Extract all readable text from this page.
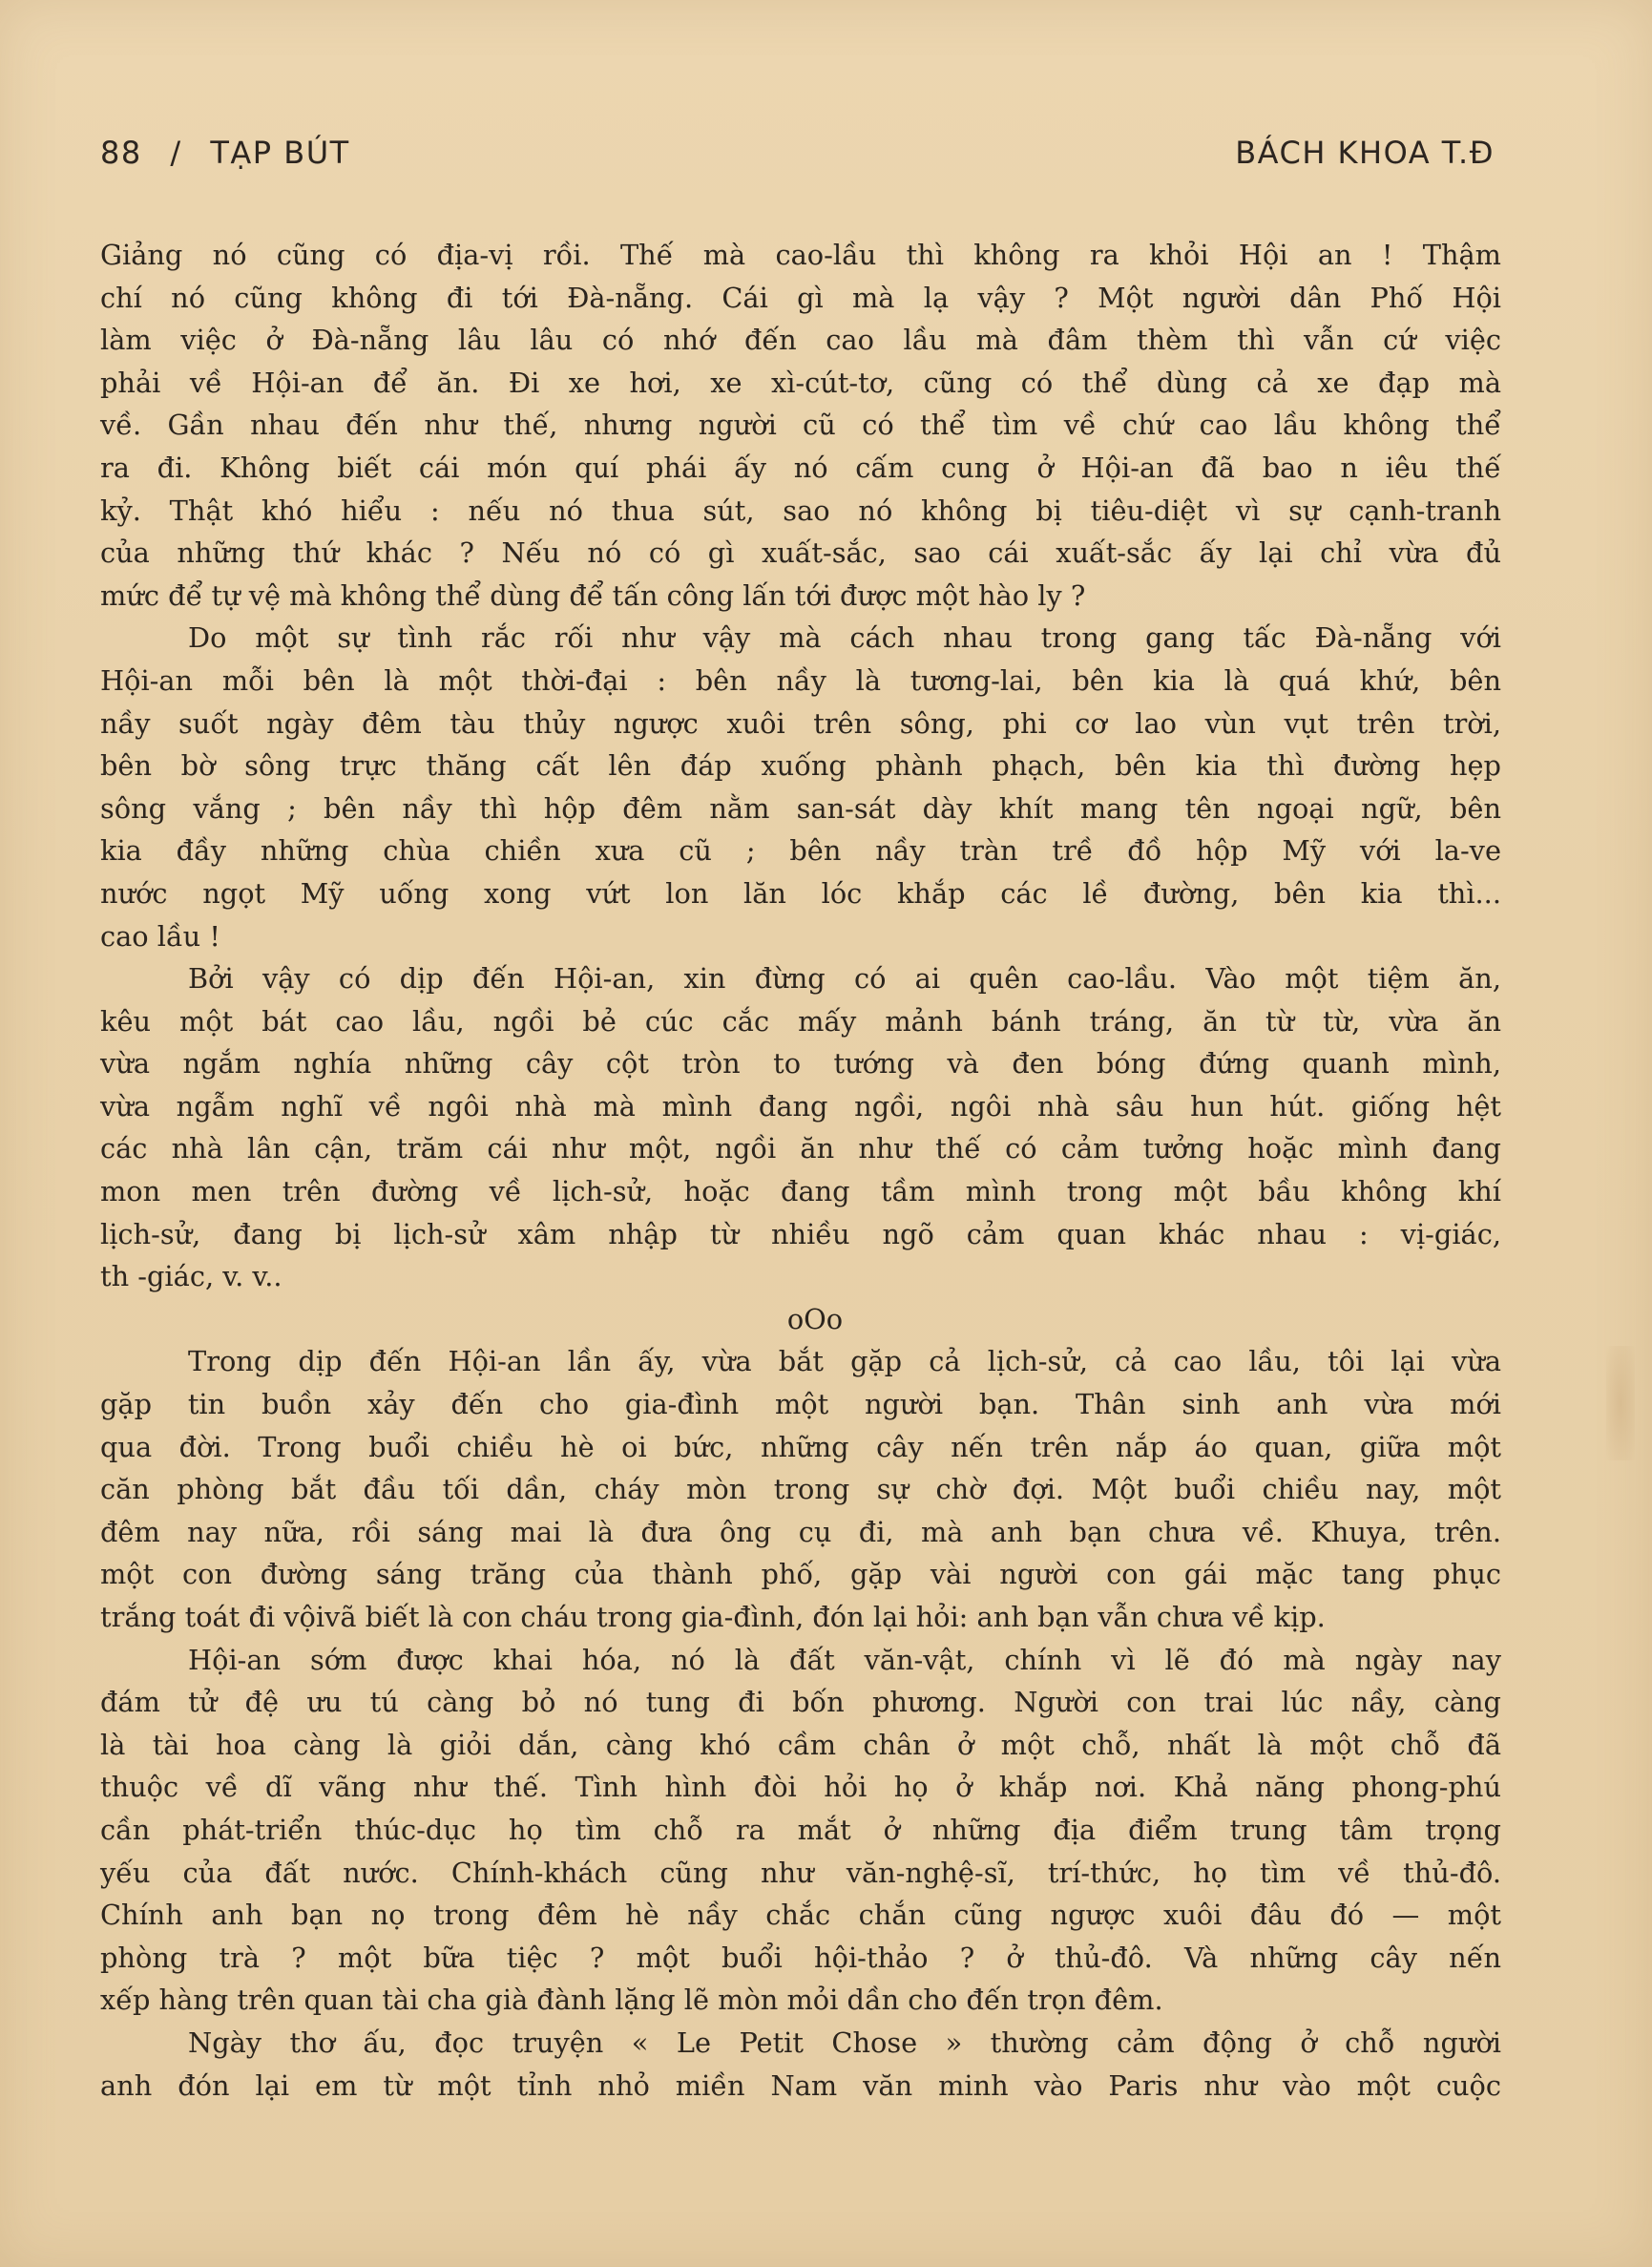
88 / TẠP BÚT	BÁCH KHOA T.Đ
Giảng nó cũng có địa-vị rồi. Thế mà cao-lầu thì không ra khỏi Hội an ! Thậm
chí nó cũng không đi tới Đà-nẵng. Cái gì mà lạ vậy ? Một người dân Phố Hội
làm việc ở Đà-nẵng lâu lâu có nhớ đến cao lầu mà đâm thèm thì vẫn cứ việc
phải về Hội-an để ăn. Đi xe hơi, xe xì-cút-tơ, cũng có thể dùng cả xe đạp mà
về. Gần nhau đến như thế, nhưng người cũ có thể tìm về chứ cao lầu không thể
ra đi. Không biết cái món quí phái ấy nó cấm cung ở Hội-an đã bao n iêu thế
kỷ. Thật khó hiểu : nếu nó thua sút, sao nó không bị tiêu-diệt vì sự cạnh-tranh
của những thứ khác ? Nếu nó có gì xuất-sắc, sao cái xuất-sắc ấy lại chỉ vừa đủ
mức để tự vệ mà không thể dùng để tấn công lấn tới được một hào ly ?
Do một sự tình rắc rối như vậy mà cách nhau trong gang tấc Đà-nẵng với
Hội-an mỗi bên là một thời-đại : bên nầy là tương-lai, bên kia là quá khứ, bên
nầy suốt ngày đêm tàu thủy ngược xuôi trên sông, phi cơ lao vùn vụt trên trời,
bên bờ sông trực thăng cất lên đáp xuống phành phạch, bên kia thì đường hẹp
sông vắng ; bên nầy thì hộp đêm nằm san-sát dày khít mang tên ngoại ngữ, bên
kia đầy những chùa chiền xưa cũ ; bên nầy tràn trề đồ hộp Mỹ với la-ve
nước ngọt Mỹ uống xong vứt lon lăn lóc khắp các lề đường, bên kia thì...
cao lầu !
Bởi vậy có dịp đến Hội-an, xin đừng có ai quên cao-lầu. Vào một tiệm ăn,
kêu một bát cao lầu, ngồi bẻ cúc cắc mấy mảnh bánh tráng, ăn từ từ, vừa ăn
vừa ngắm nghía những cây cột tròn to tướng và đen bóng đứng quanh mình,
vừa ngẫm nghĩ về ngôi nhà mà mình đang ngồi, ngôi nhà sâu hun hút. giống hệt
các nhà lân cận, trăm cái như một, ngồi ăn như thế có cảm tưởng hoặc mình đang
mon men trên đường về lịch-sử, hoặc đang tầm mình trong một bầu không khí
lịch-sử, đang bị lịch-sử xâm nhập từ nhiều ngõ cảm quan khác nhau : vị-giác,
th -giác, v. v..
oOo
Trong dịp đến Hội-an lần ấy, vừa bắt gặp cả lịch-sử, cả cao lầu, tôi lại vừa
gặp tin buồn xảy đến cho gia-đình một người bạn. Thân sinh anh vừa mới
qua đời. Trong buổi chiều hè oi bức, những cây nến trên nắp áo quan, giữa một
căn phòng bắt đầu tối dần, cháy mòn trong sự chờ đợi. Một buổi chiều nay, một
đêm nay nữa, rồi sáng mai là đưa ông cụ đi, mà anh bạn chưa về. Khuya, trên.
một con đường sáng trăng của thành phố, gặp vài người con gái mặc tang phục
trắng toát đi vộivã biết là con cháu trong gia-đình, đón lại hỏi: anh bạn vẫn chưa về kịp.
Hội-an sớm được khai hóa, nó là đất văn-vật, chính vì lẽ đó mà ngày nay
đám tử đệ ưu tú càng bỏ nó tung đi bốn phương. Người con trai lúc nầy, càng
là tài hoa càng là giỏi dắn, càng khó cầm chân ở một chỗ, nhất là một chỗ đã
thuộc về dĩ vãng như thế. Tình hình đòi hỏi họ ở khắp nơi. Khả năng phong-phú
cần phát-triển thúc-dục họ tìm chỗ ra mắt ở những địa điểm trung tâm trọng
yếu của đất nước. Chính-khách cũng như văn-nghệ-sĩ, trí-thức, họ tìm về thủ-đô.
Chính anh bạn nọ trong đêm hè nầy chắc chắn cũng ngược xuôi đâu đó — một
phòng trà ? một bữa tiệc ? một buổi hội-thảo ? ở thủ-đô. Và những cây nến
xếp hàng trên quan tài cha già đành lặng lẽ mòn mỏi dần cho đến trọn đêm.
Ngày thơ ấu, đọc truyện « Le Petit Chose » thường cảm động ở chỗ người
anh đón lại em từ một tỉnh nhỏ miền Nam văn minh vào Paris như vào một cuộc
